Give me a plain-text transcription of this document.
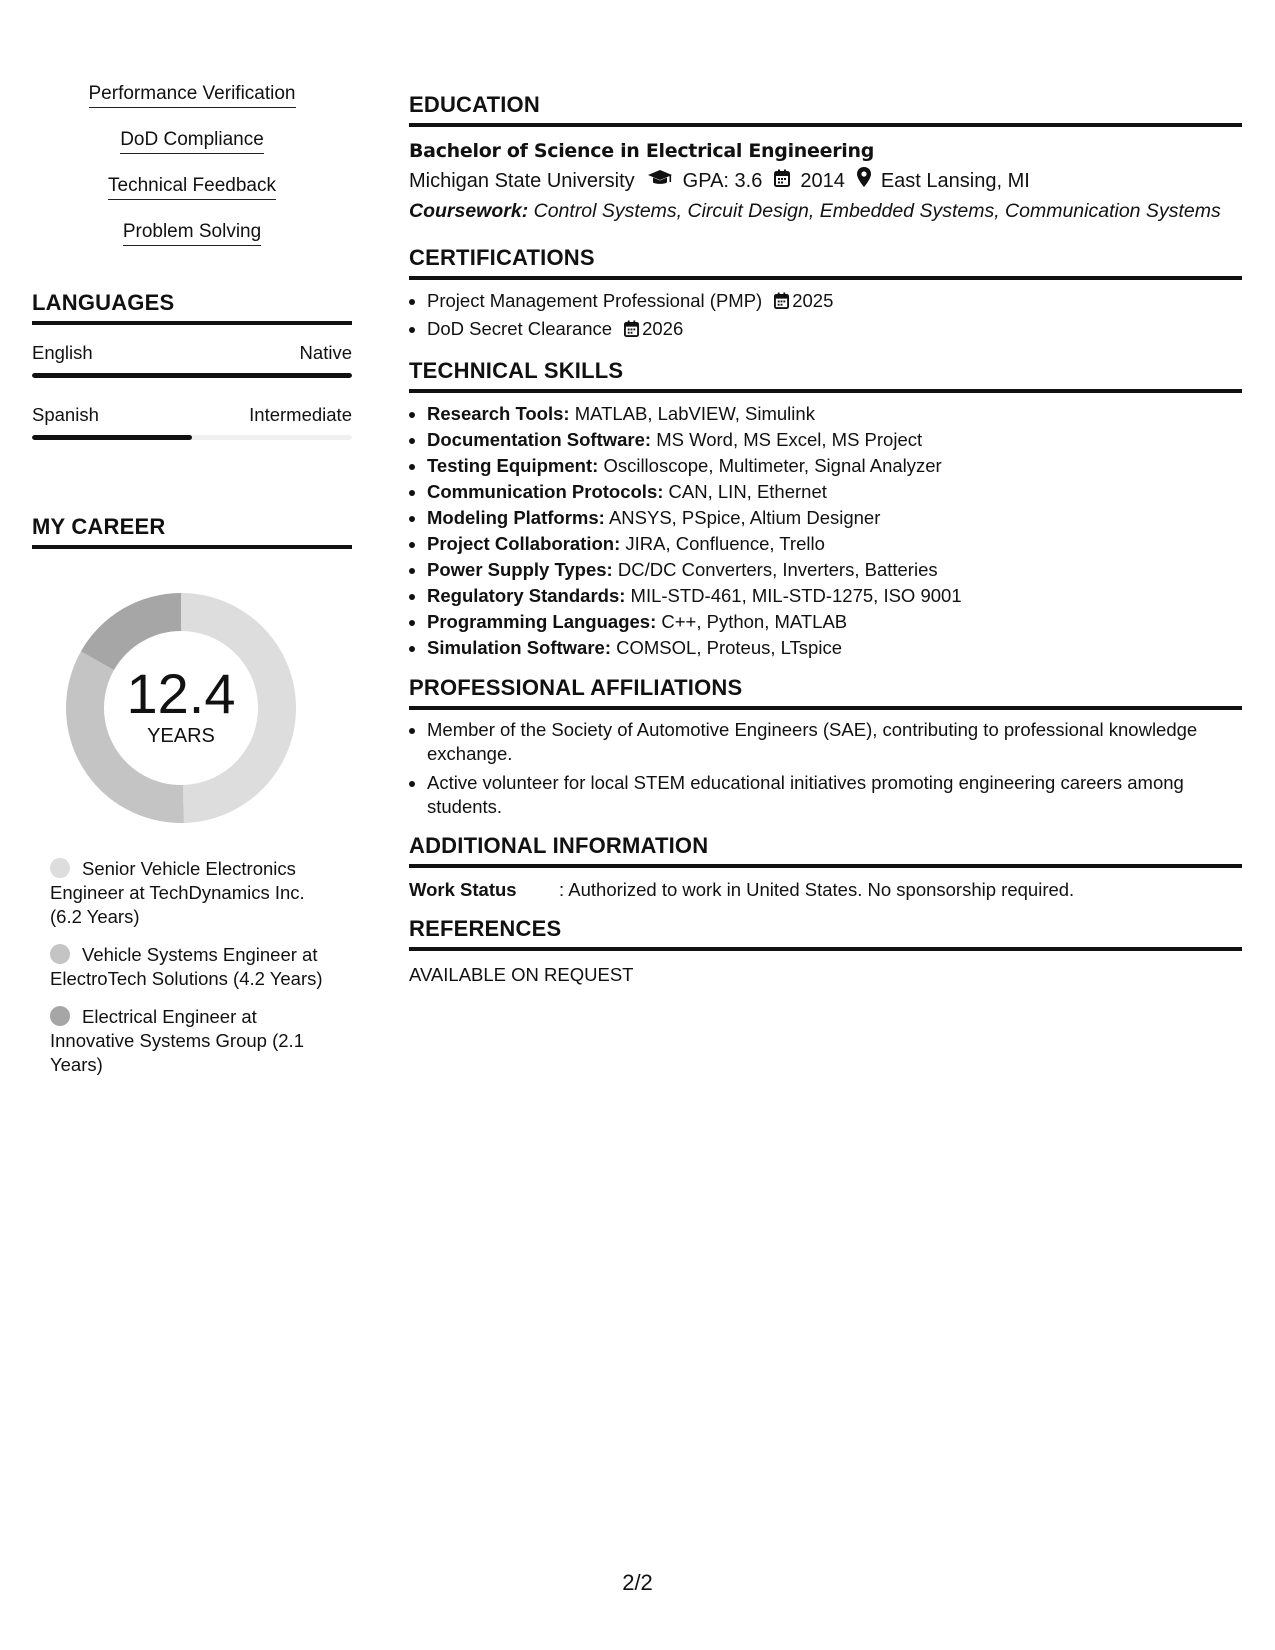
Performance Verification
DoD Compliance
Technical Feedback
Problem Solving
LANGUAGES
English	Native
Spanish	Intermediate
MY CAREER
12.4
YEARS
Senior Vehicle Electronics Engineer at TechDynamics Inc. (6.2 Years)
Vehicle Systems Engineer at ElectroTech Solutions (4.2 Years)
Electrical Engineer at Innovative Systems Group (2.1 Years)
EDUCATION
Bachelor of Science in Electrical Engineering
Michigan State University GPA: 3.6 2014 East Lansing, MI
Coursework: Control Systems, Circuit Design, Embedded Systems, Communication Systems
CERTIFICATIONS
• Project Management Professional (PMP) 2025
• DoD Secret Clearance 2026
TECHNICAL SKILLS
• Research Tools: MATLAB, LabVIEW, Simulink
• Documentation Software: MS Word, MS Excel, MS Project
• Testing Equipment: Oscilloscope, Multimeter, Signal Analyzer
• Communication Protocols: CAN, LIN, Ethernet
• Modeling Platforms: ANSYS, PSpice, Altium Designer
• Project Collaboration: JIRA, Confluence, Trello
• Power Supply Types: DC/DC Converters, Inverters, Batteries
• Regulatory Standards: MIL-STD-461, MIL-STD-1275, ISO 9001
• Programming Languages: C++, Python, MATLAB
• Simulation Software: COMSOL, Proteus, LTspice
PROFESSIONAL AFFILIATIONS
• Member of the Society of Automotive Engineers (SAE), contributing to professional knowledge exchange.
• Active volunteer for local STEM educational initiatives promoting engineering careers among students.
ADDITIONAL INFORMATION
Work Status	: Authorized to work in United States. No sponsorship required.
REFERENCES
AVAILABLE ON REQUEST
2/2
